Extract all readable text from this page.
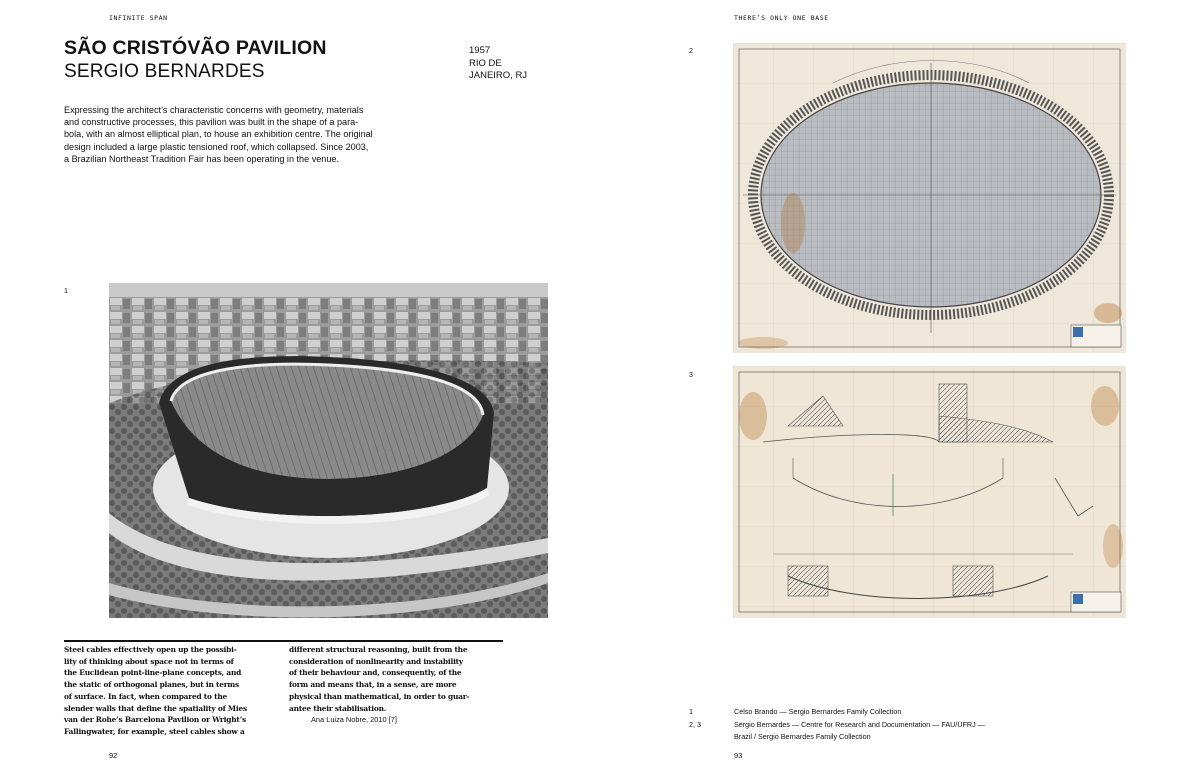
INFINITE SPAN
SÃO CRISTÓVÃO PAVILION
SERGIO BERNARDES
1957
RIO DE
JANEIRO, RJ
Expressing the architect’s characteristic concerns with geometry, materials
and constructive processes, this pavilion was built in the shape of a para-
bola, with an almost elliptical plan, to house an exhibition centre. The original
design included a large plastic tensioned roof, which collapsed. Since 2003,
a Brazilian Northeast Tradition Fair has been operating in the venue.
1
Steel cables effectively open up the possibi-
lity of thinking about space not in terms of
the Euclidean point-line-plane concepts, and
the static of orthogonal planes, but in terms
of surface. In fact, when compared to the
slender walls that define the spatiality of Mies
van der Rohe’s Barcelona Pavilion or Wright’s
Fallingwater, for example, steel cables show a
different structural reasoning, built from the
consideration of nonlinearity and instability
of their behaviour and, consequently, of the
form and means that, in a sense, are more
physical than mathematical, in order to guar-
antee their stabilisation.
Ana Luiza Nobre, 2010 [7]
92
THERE’S ONLY ONE BASE
2
3
1
2, 3

Celso Brando — Sergio Bernardes Family Collection
Sergio Bernardes — Centre for Research and Documentation — FAU/UFRJ —
Brazil / Sergio Bernardes Family Collection
93
